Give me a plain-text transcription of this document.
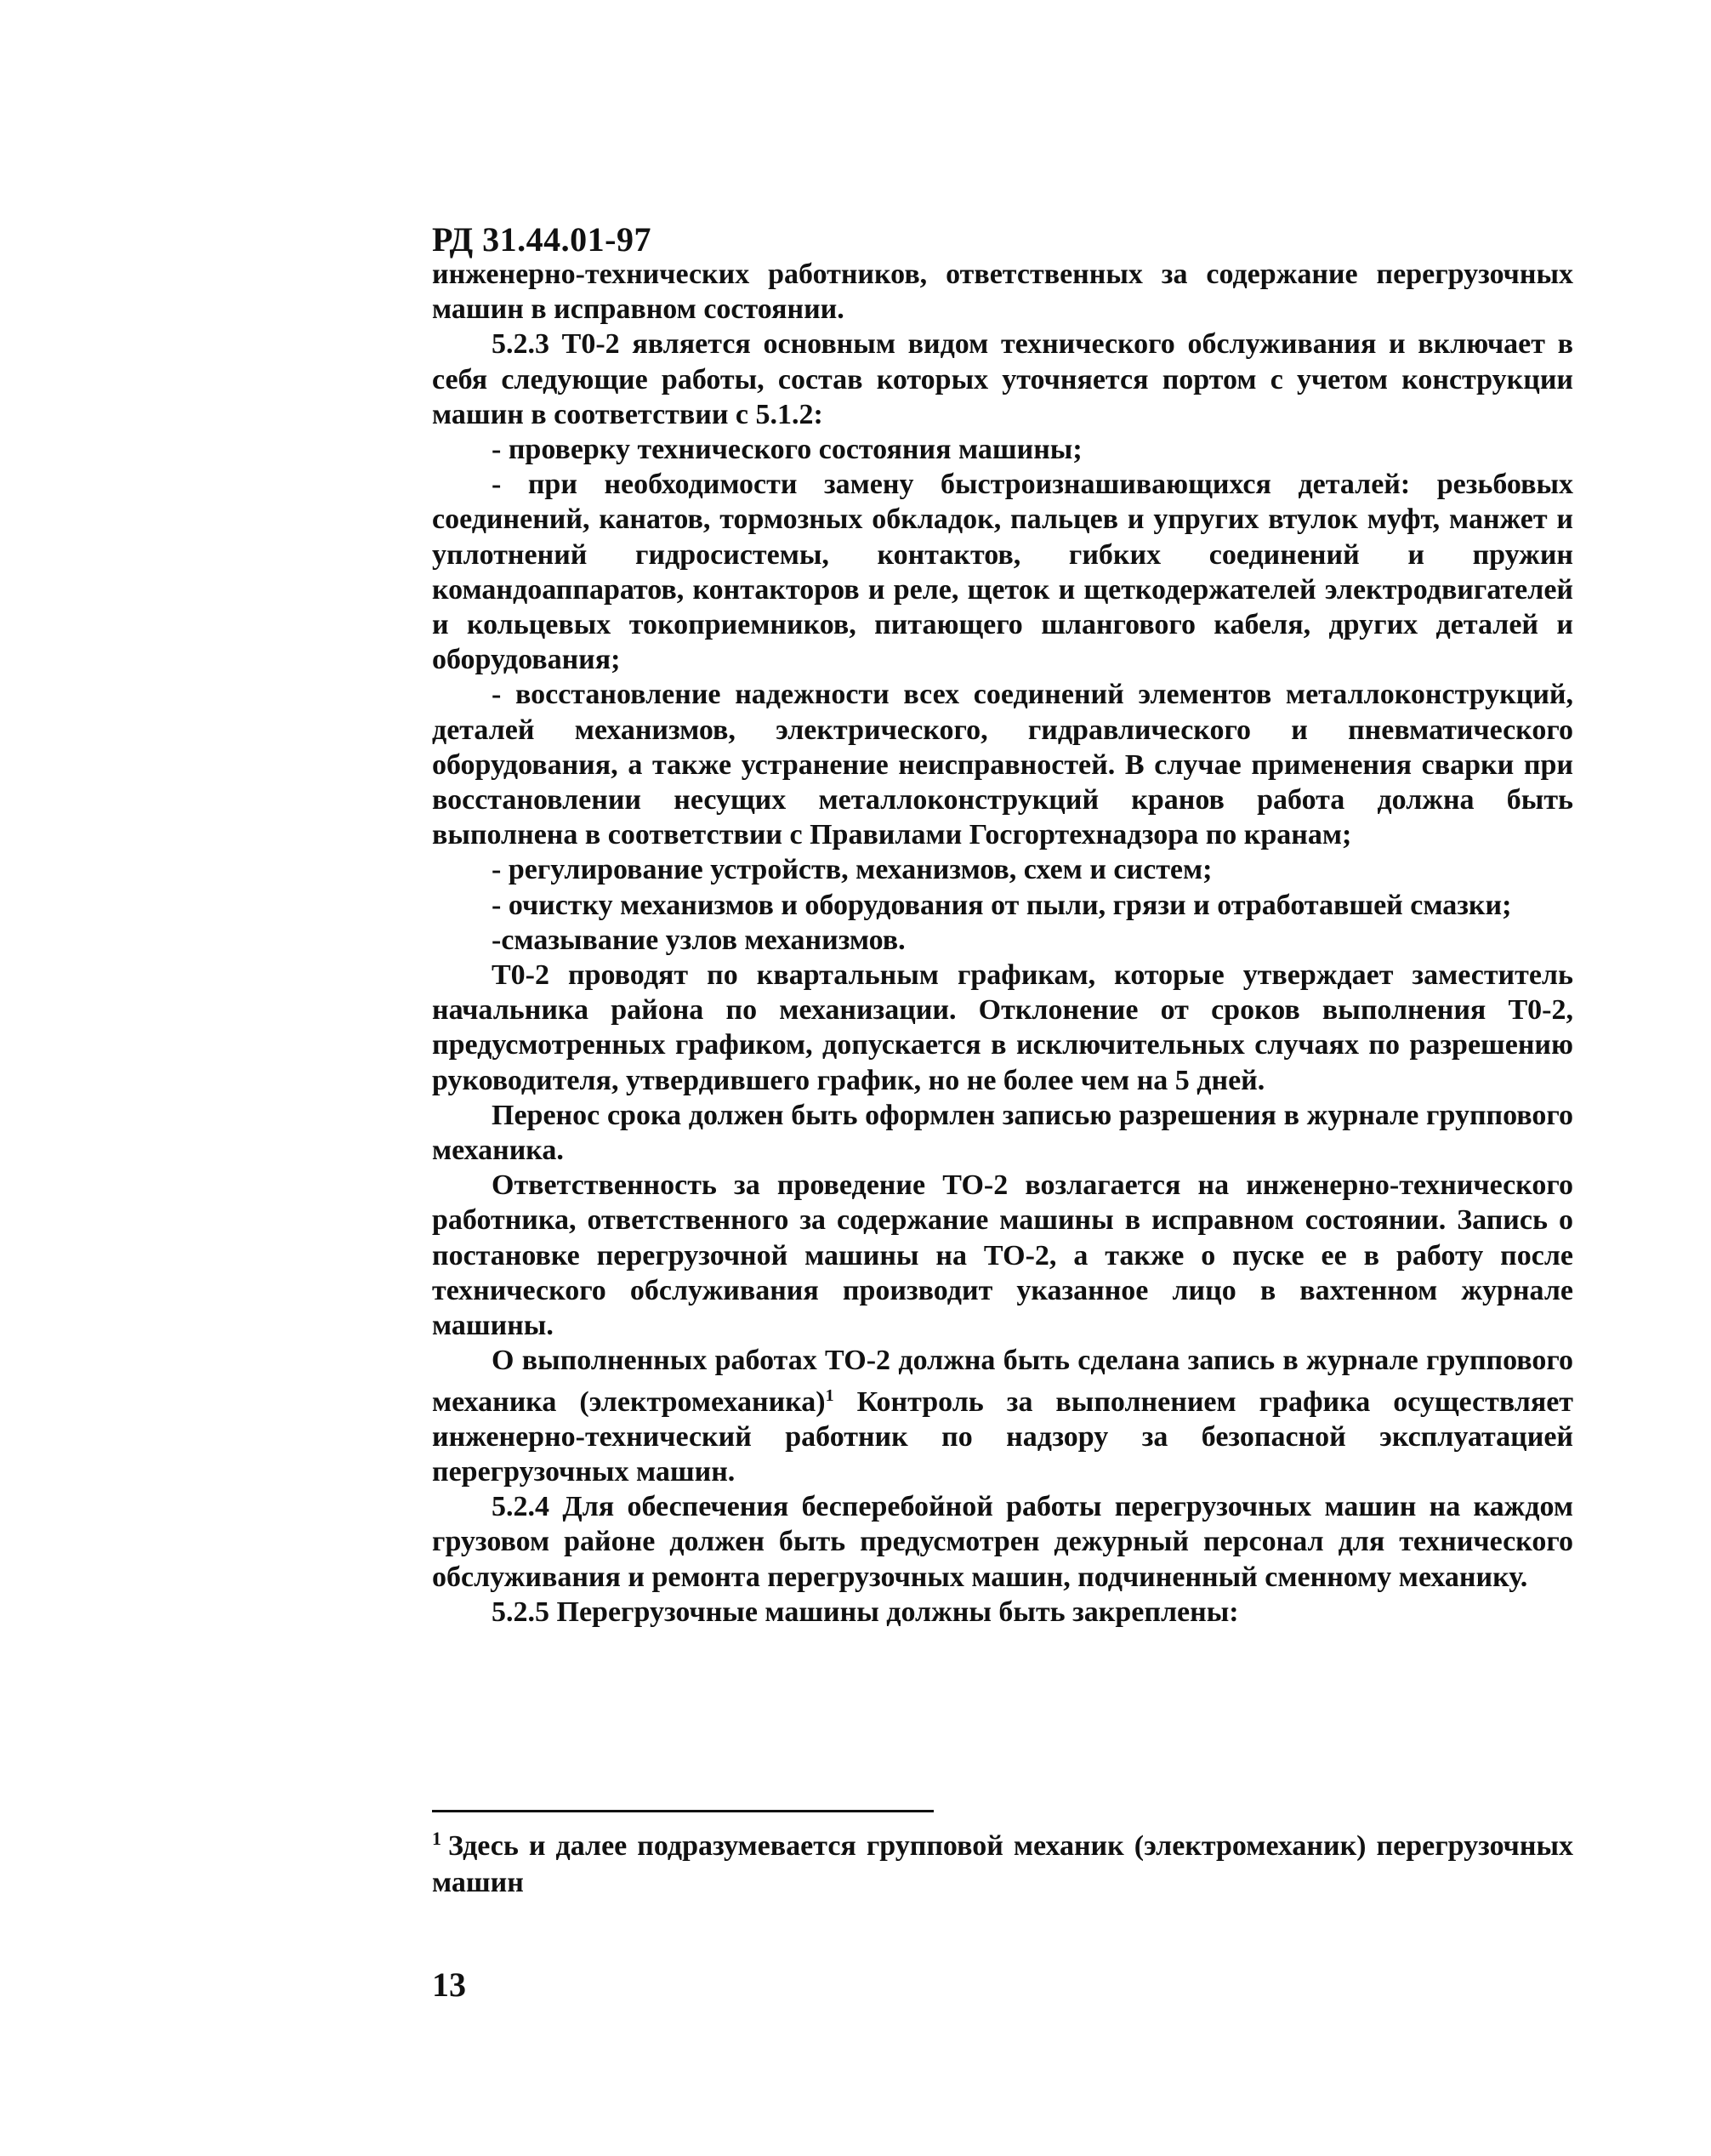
РД 31.44.01-97

инженерно-технических работников, ответственных за содержание перегрузочных машин в исправном состоянии.

5.2.3 Т0-2 является основным видом технического обслуживания и включает в себя следующие работы, состав которых уточняется портом с учетом конструкции машин в соответствии с 5.1.2:

- проверку технического состояния машины;

- при необходимости замену быстроизнашивающихся деталей: резьбовых соединений, канатов, тормозных обкладок, пальцев и упругих втулок муфт, манжет и уплотнений гидросистемы, контактов, гибких соединений и пружин командоаппаратов, контакторов и реле, щеток и щеткодержателей электродвигателей и кольцевых токоприемников, питающего шлангового кабеля, других деталей и оборудования;

- восстановление надежности всех соединений элементов металлоконструкций, деталей механизмов, электрического, гидравлического и пневматического оборудования, а также устранение неисправностей. В случае применения сварки при восстановлении несущих металлоконструкций кранов работа должна быть выполнена в соответствии с Правилами Госгортехнадзора по кранам;

- регулирование устройств, механизмов, схем и систем;

- очистку механизмов и оборудования от пыли, грязи и отработавшей смазки;

-смазывание узлов механизмов.

Т0-2 проводят по квартальным графикам, которые утверждает заместитель начальника района по механизации. Отклонение от сроков выполнения Т0-2, предусмотренных графиком, допускается в исключительных случаях по разрешению руководителя, утвердившего график, но не более чем на 5 дней.

Перенос срока должен быть оформлен записью разрешения в журнале группового механика.

Ответственность за проведение ТО-2 возлагается на инженерно-технического работника, ответственного за содержание машины в исправном состоянии. Запись о постановке перегрузочной машины на ТО-2, а также о пуске ее в работу после технического обслуживания производит указанное лицо в вахтенном журнале машины.

О выполненных работах ТО-2 должна быть сделана запись в журнале группового механика (электромеханика)$^1$ Контроль за выполнением графика осуществляет инженерно-технический работник по надзору за безопасной эксплуатацией перегрузочных машин.

5.2.4 Для обеспечения бесперебойной работы перегрузочных машин на каждом грузовом районе должен быть предусмотрен дежурный персонал для технического обслуживания и ремонта перегрузочных машин, подчиненный сменному механику.

5.2.5 Перегрузочные машины должны быть закреплены:

$^1$ Здесь и далее подразумевается групповой механик (электромеханик) перегрузочных машин
13
